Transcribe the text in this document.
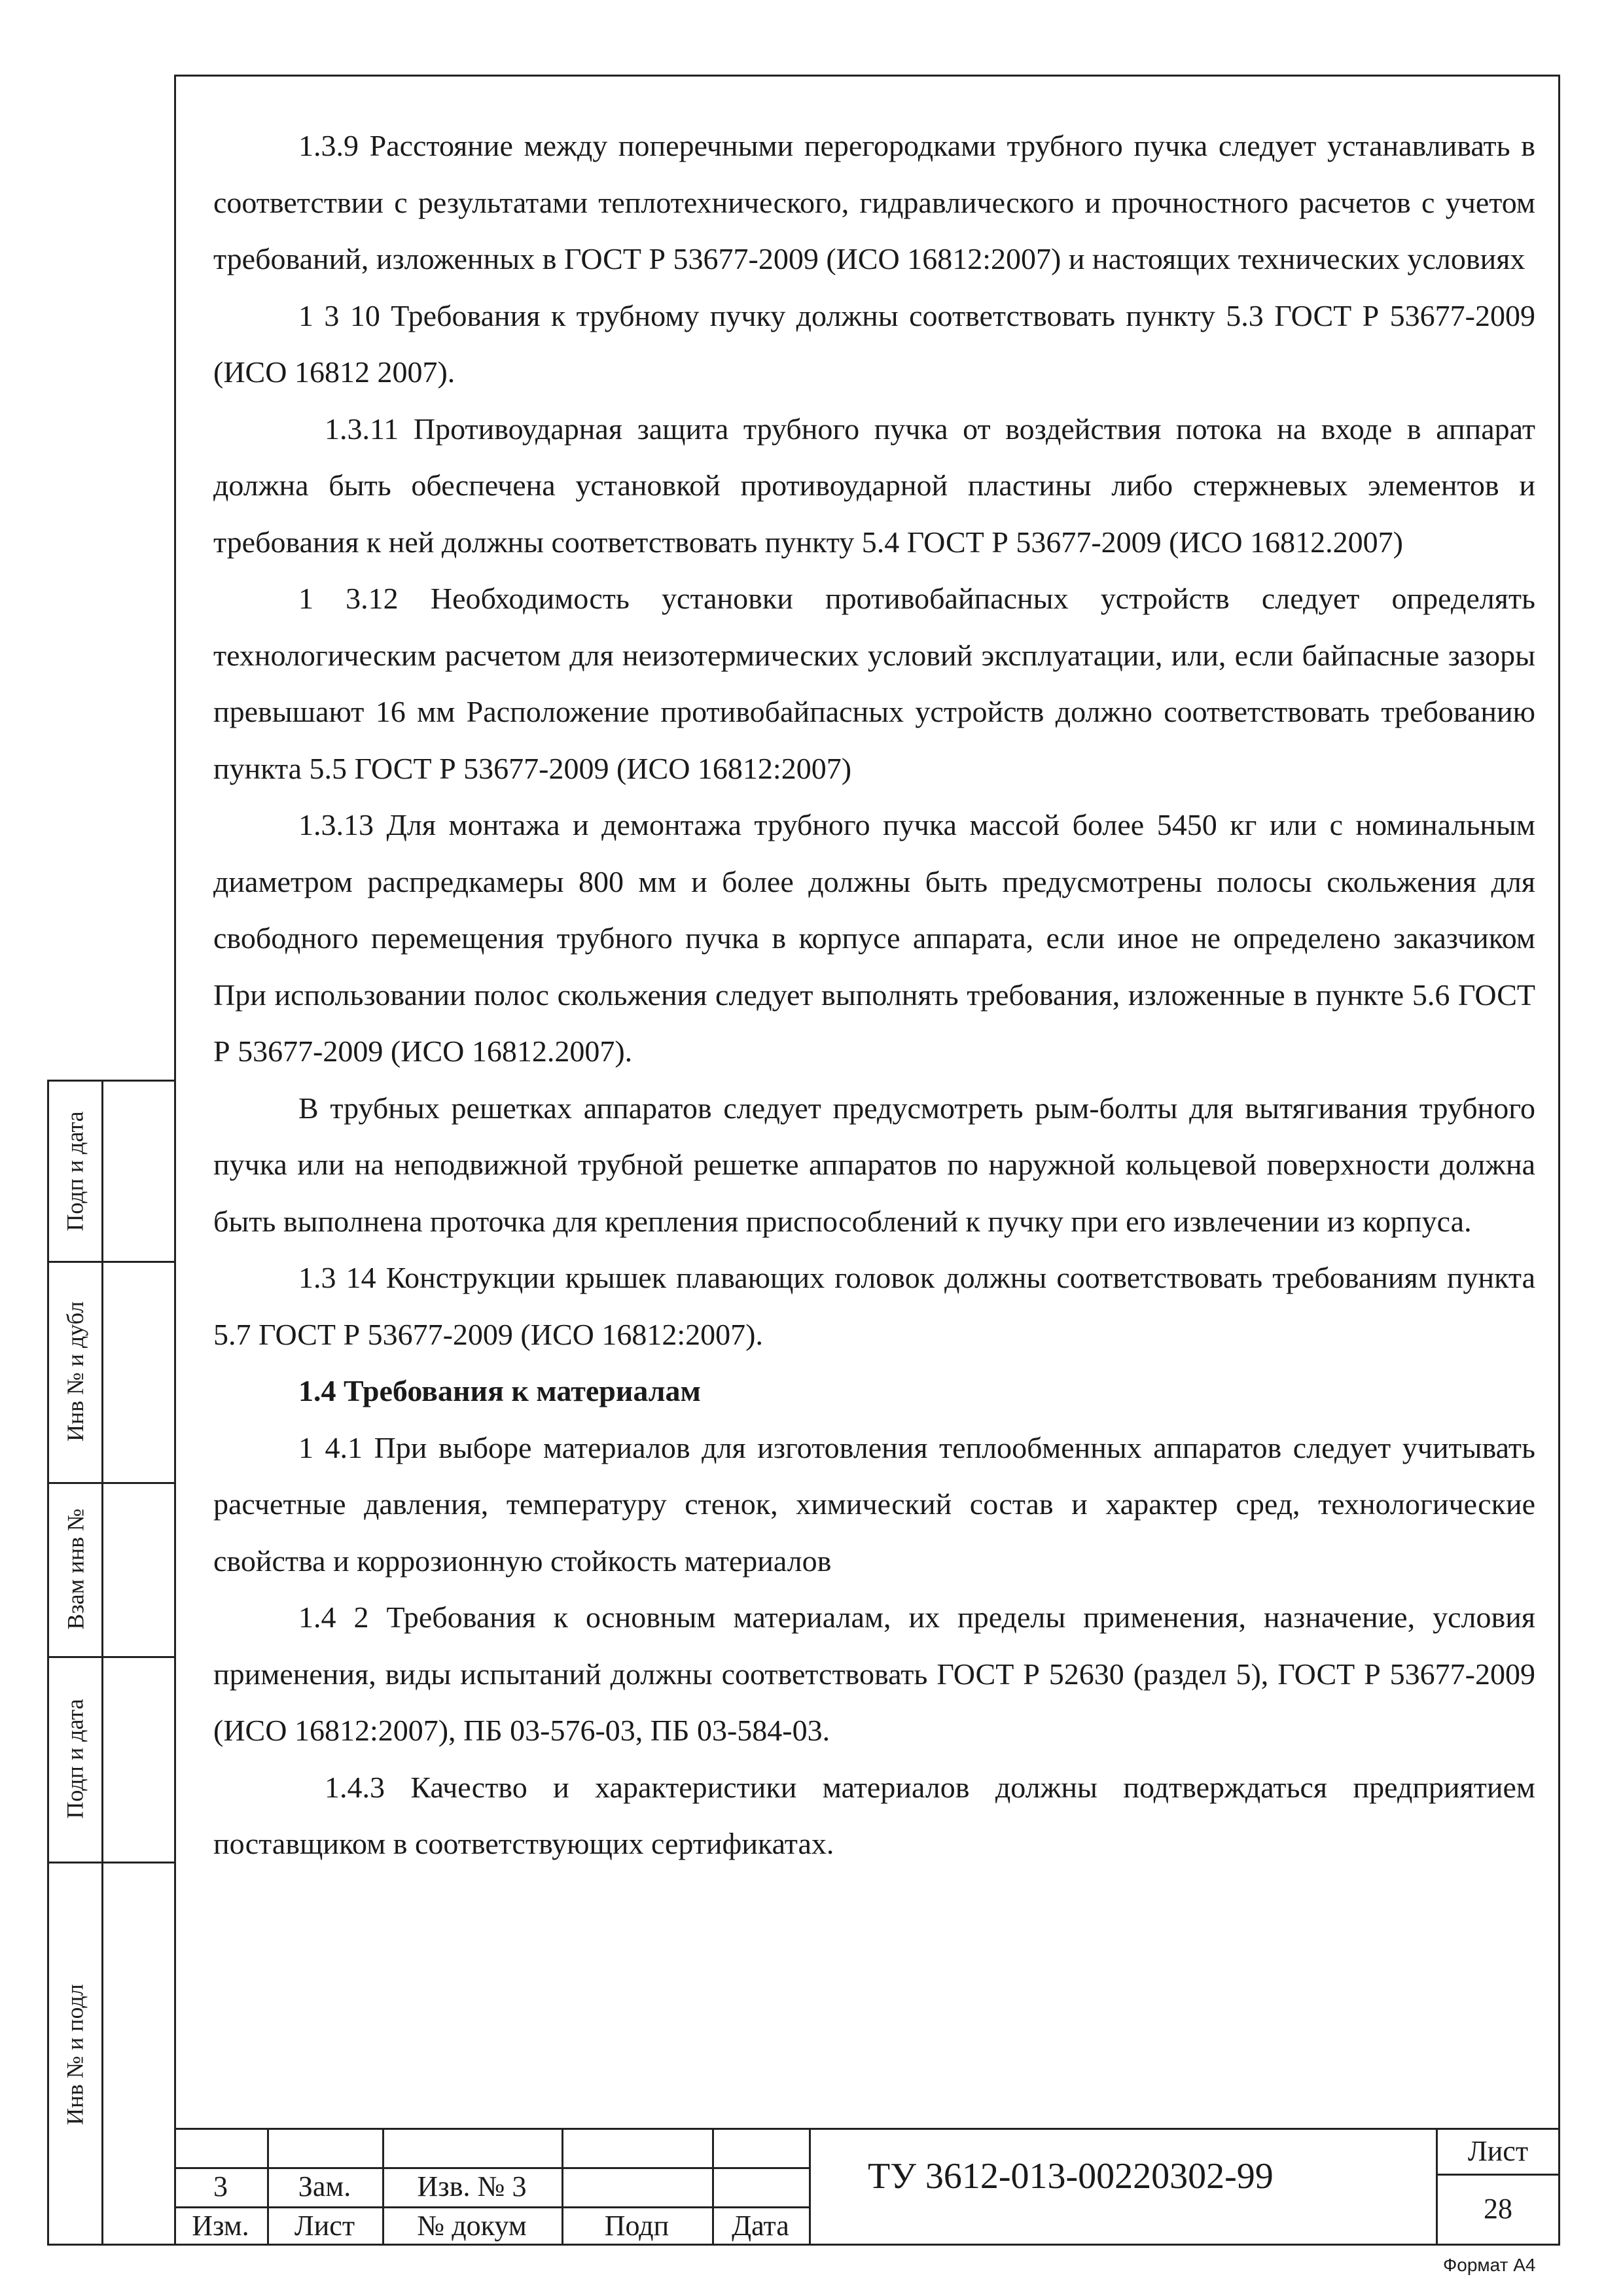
1.3.9 Расстояние между поперечными перегородками трубного пучка следует устанавливать в соответствии с результатами теплотехнического, гидравлического и прочностного расчетов с учетом требований, изложенных в ГОСТ Р 53677-2009 (ИСО 16812:2007) и настоящих технических условиях

1 3 10 Требования к трубному пучку должны соответствовать пункту 5.3 ГОСТ Р 53677-2009 (ИСО 16812 2007).

1.3.11 Противоударная защита трубного пучка от воздействия потока на входе в аппарат должна быть обеспечена установкой противоударной пластины либо стержневых элементов и требования к ней должны соответствовать пункту 5.4 ГОСТ Р 53677-2009 (ИСО 16812.2007)

1 3.12 Необходимость установки противобайпасных устройств следует определять технологическим расчетом для неизотермических условий эксплуатации, или, если байпасные зазоры превышают 16 мм Расположение противобайпасных устройств должно соответствовать требованию пункта 5.5 ГОСТ Р 53677-2009 (ИСО 16812:2007)

1.3.13 Для монтажа и демонтажа трубного пучка массой более 5450 кг или с номинальным диаметром распредкамеры 800 мм и более должны быть предусмотрены полосы скольжения для свободного перемещения трубного пучка в корпусе аппарата, если иное не определено заказчиком При использовании полос скольжения следует выполнять требования, изложенные в пункте 5.6 ГОСТ Р 53677-2009 (ИСО 16812.2007).

В трубных решетках аппаратов следует предусмотреть рым-болты для вытягивания трубного пучка или на неподвижной трубной решетке аппаратов по наружной кольцевой поверхности должна быть выполнена проточка для крепления приспособлений к пучку при его извлечении из корпуса.

1.3 14 Конструкции крышек плавающих головок должны соответствовать требованиям пункта 5.7 ГОСТ Р 53677-2009 (ИСО 16812:2007).

1.4 Требования к материалам

1 4.1 При выборе материалов для изготовления теплообменных аппаратов следует учитывать расчетные давления, температуру стенок, химический состав и характер сред, технологические свойства и коррозионную стойкость материалов

1.4 2 Требования к основным материалам, их пределы применения, назначение, условия применения, виды испытаний должны соответствовать ГОСТ Р 52630 (раздел 5), ГОСТ Р 53677-2009 (ИСО 16812:2007), ПБ 03-576-03, ПБ 03-584-03.

1.4.3 Качество и характеристики материалов должны подтверждаться предприятием поставщиком в соответствующих сертификатах.

Подп и дата
Инв № и дубл
Взам инв №
Подп и дата
Инв № и подл
3	Зам.	Изв. № 3
Изм.	Лист	№ докум	Подп	Дата
ТУ 3612-013-00220302-99
Лист
28
Формат А4
